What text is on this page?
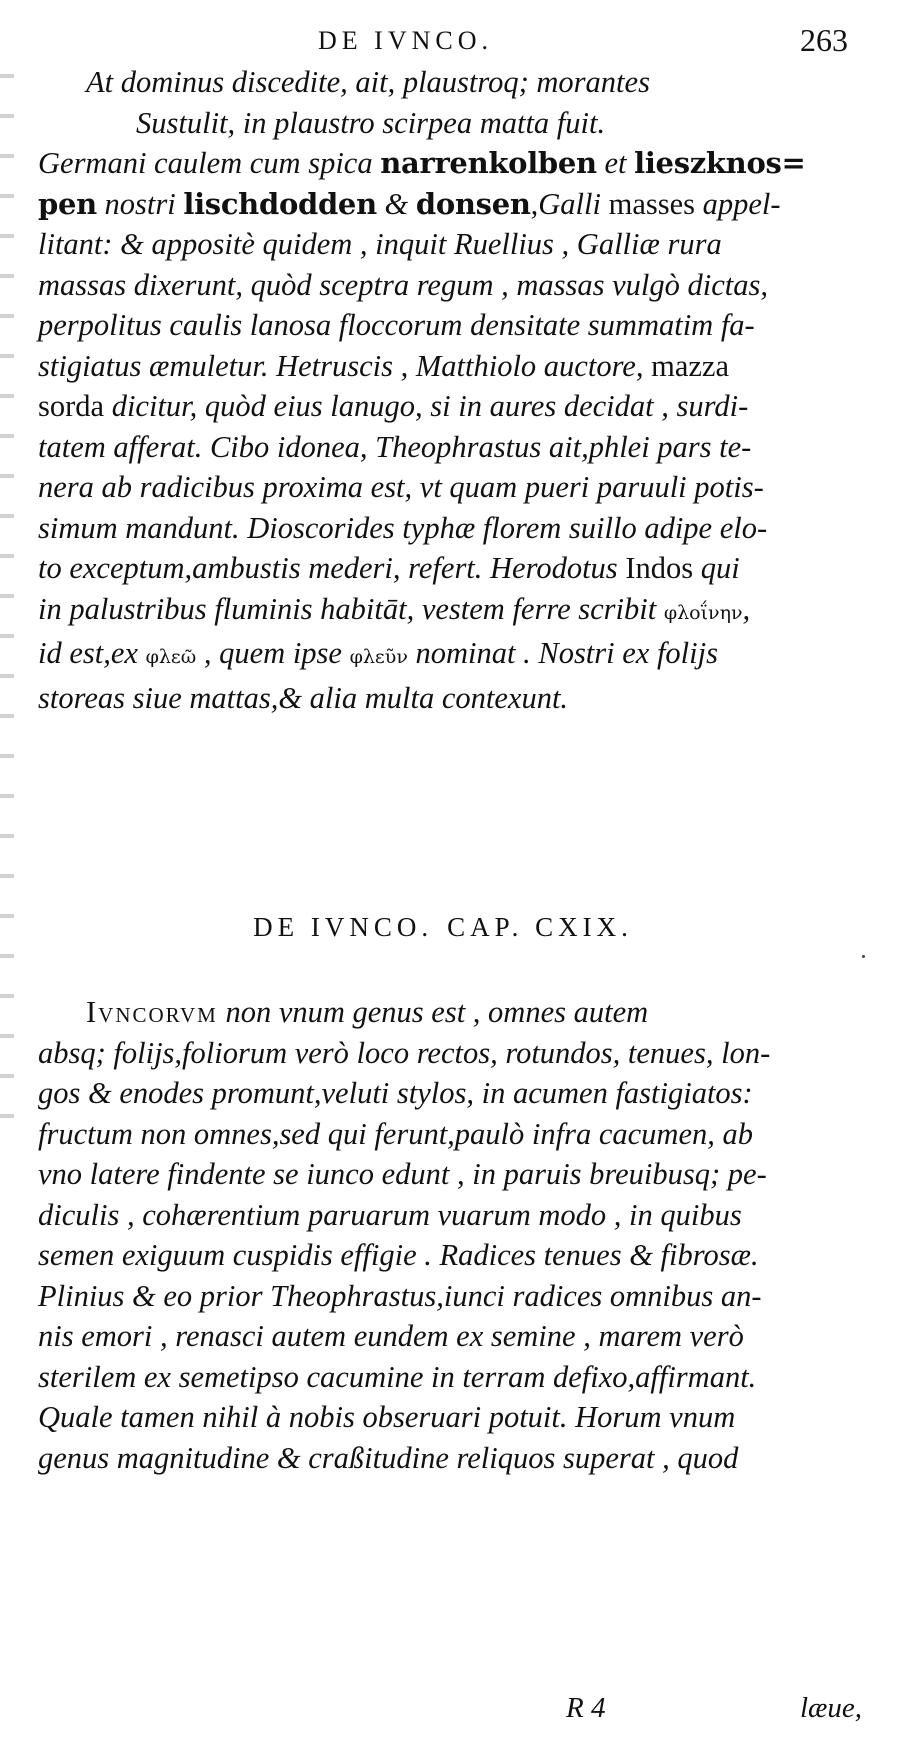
DE IVNCO.	263
At dominus discedite, ait, plaustroq; morantes
Sustulit, in plaustro scirpea matta fuit.
Germani caulem cum spica narrenkolben et lieszknos=
pen nostri lischdodden & donsen,Galli masses appel-
litant: & appositè quidem , inquit Ruellius , Galliæ rura
massas dixerunt, quòd sceptra regum , massas vulgò dictas,
perpolitus caulis lanosa floccorum densitate summatim fa-
stigiatus æmuletur. Hetruscis , Matthiolo auctore, mazza
sorda dicitur, quòd eius lanugo, si in aures decidat , surdi-
tatem afferat. Cibo idonea, Theophrastus ait,phlei pars te-
nera ab radicibus proxima est, vt quam pueri paruuli potis-
simum mandunt. Dioscorides typhæ florem suillo adipe elo-
to exceptum,ambustis mederi, refert. Herodotus Indos qui
in palustribus fluminis habitāt, vestem ferre scribit φλοΐνην,
id est,ex φλεῶ , quem ipse φλεῦν nominat . Nostri ex folijs
storeas siue mattas,& alia multa contexunt.
DE IVNCO. CAP. CXIX.
Ivncorvm non vnum genus est , omnes autem
absq; folijs,foliorum verò loco rectos, rotundos, tenues, lon-
gos & enodes promunt,veluti stylos, in acumen fastigiatos:
fructum non omnes,sed qui ferunt,paulò infra cacumen, ab
vno latere findente se iunco edunt , in paruis breuibusq; pe-
diculis , cohærentium paruarum vuarum modo , in quibus
semen exiguum cuspidis effigie . Radices tenues & fibrosæ.
Plinius & eo prior Theophrastus,iunci radices omnibus an-
nis emori , renasci autem eundem ex semine , marem verò
sterilem ex semetipso cacumine in terram defixo,affirmant.
Quale tamen nihil à nobis obseruari potuit. Horum vnum
genus magnitudine & craßitudine reliquos superat , quod
R 4	læue,
